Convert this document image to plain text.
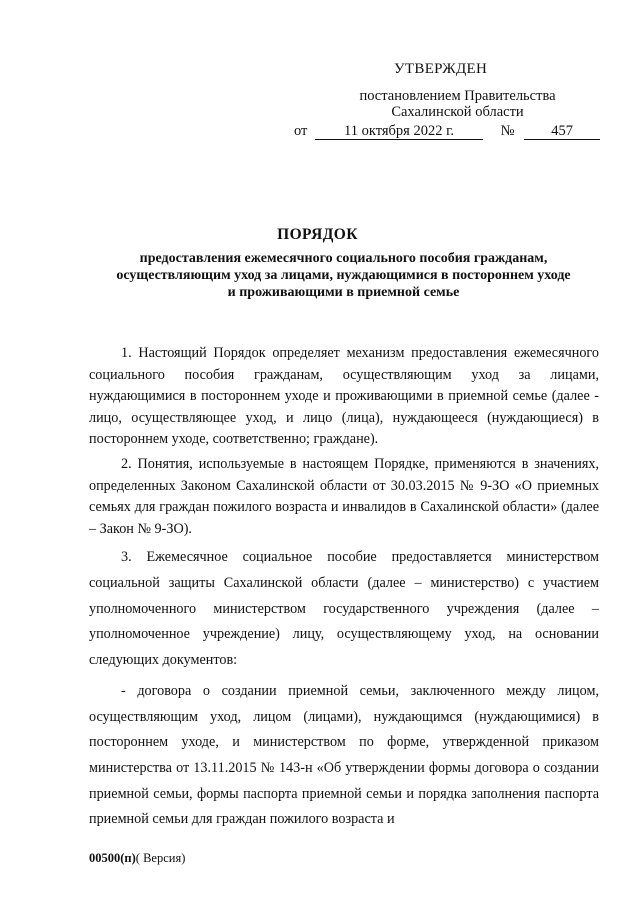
УТВЕРЖДЕН
постановлением Правительства
Сахалинской области
от	11 октября 2022 г.	№	457
ПОРЯДОК
предоставления ежемесячного социального пособия гражданам,
осуществляющим уход за лицами, нуждающимися в постороннем уходе
и проживающими в приемной семье

1. Настоящий Порядок определяет механизм предоставления ежемесячного социального пособия гражданам, осуществляющим уход за лицами, нуждающимися в постороннем уходе и проживающими в приемной семье (далее - лицо, осуществляющее уход, и лицо (лица), нуждающееся (нуждающиеся) в постороннем уходе, соответственно; граждане).

2. Понятия, используемые в настоящем Порядке, применяются в значениях, определенных Законом Сахалинской области от 30.03.2015 № 9-ЗО «О приемных семьях для граждан пожилого возраста и инвалидов в Сахалинской области» (далее – Закон № 9-ЗО).

3. Ежемесячное социальное пособие предоставляется министерством социальной защиты Сахалинской области (далее – министерство) с участием уполномоченного министерством государственного учреждения (далее – уполномоченное учреждение) лицу, осуществляющему уход, на основании следующих документов:

- договора о создании приемной семьи, заключенного между лицом, осуществляющим уход, лицом (лицами), нуждающимся (нуждающимися) в постороннем уходе, и министерством по форме, утвержденной приказом министерства от 13.11.2015 № 143-н «Об утверждении формы договора о создании приемной семьи, формы паспорта приемной семьи и порядка заполнения паспорта приемной семьи для граждан пожилого возраста и

00500(п)( Версия)
